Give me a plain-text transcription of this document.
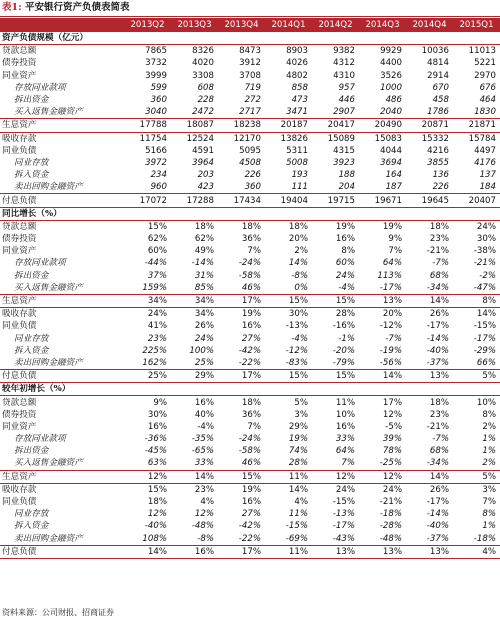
表1: 平安银行资产负债表简表
	2013Q2	2013Q3	2013Q4	2014Q1	2014Q2	2014Q3	2014Q4	2015Q1
资产负债规模（亿元）								
贷款总额	7865	8326	8473	8903	9382	9929	10036	11013
债券投资	3732	4020	3912	4026	4312	4400	4814	5221
同业资产	3999	3308	3708	4802	4310	3526	2914	2970
存放同业款项	599	608	719	858	957	1000	670	676
拆出资金	360	228	272	473	446	486	458	464
买入返售金融资产	3040	2472	2717	3471	2907	2040	1786	1830
生息资产	17788	18087	18238	20187	20417	20490	20871	21871
吸收存款	11754	12524	12170	13826	15089	15083	15332	15784
同业负债	5166	4591	5095	5311	4315	4044	4216	4497
同业存放	3972	3964	4508	5008	3923	3694	3855	4176
拆入资金	234	203	226	193	188	164	136	137
卖出回购金融资产	960	423	360	111	204	187	226	184
付息负债	17072	17288	17434	19404	19715	19671	19645	20407
同比增长（%）								
贷款总额	15%	18%	18%	18%	19%	19%	18%	24%
债券投资	62%	62%	36%	20%	16%	9%	23%	30%
同业资产	60%	49%	7%	2%	8%	7%	-21%	-38%
存放同业款项	-44%	-14%	-24%	14%	60%	64%	-7%	-21%
拆出资金	37%	31%	-58%	-8%	24%	113%	68%	-2%
买入返售金融资产	159%	85%	46%	0%	-4%	-17%	-34%	-47%
生息资产	34%	34%	17%	15%	15%	13%	14%	8%
吸收存款	24%	34%	19%	30%	28%	20%	26%	14%
同业负债	41%	26%	16%	-13%	-16%	-12%	-17%	-15%
同业存放	23%	24%	27%	-4%	-1%	-7%	-14%	-17%
拆入资金	225%	100%	-42%	-12%	-20%	-19%	-40%	-29%
卖出回购金融资产	162%	25%	-22%	-83%	-79%	-56%	-37%	66%
付息负债	25%	29%	17%	15%	15%	14%	13%	5%
较年初增长（%）								
贷款总额	9%	16%	18%	5%	11%	17%	18%	10%
债券投资	30%	40%	36%	3%	10%	12%	23%	8%
同业资产	16%	-4%	7%	29%	16%	-5%	-21%	2%
存放同业款项	-36%	-35%	-24%	19%	33%	39%	-7%	1%
拆出资金	-45%	-65%	-58%	74%	64%	78%	68%	1%
买入返售金融资产	63%	33%	46%	28%	7%	-25%	-34%	2%
生息资产	12%	14%	15%	11%	12%	12%	14%	5%
吸收存款	15%	23%	19%	14%	24%	24%	26%	3%
同业负债	18%	4%	16%	4%	-15%	-21%	-17%	7%
同业存放	12%	12%	27%	11%	-13%	-18%	-14%	8%
拆入资金	-40%	-48%	-42%	-15%	-17%	-28%	-40%	1%
卖出回购金融资产	108%	-8%	-22%	-69%	-43%	-48%	-37%	-18%
付息负债	14%	16%	17%	11%	13%	13%	13%	4%
资料来源：公司财报、招商证券
